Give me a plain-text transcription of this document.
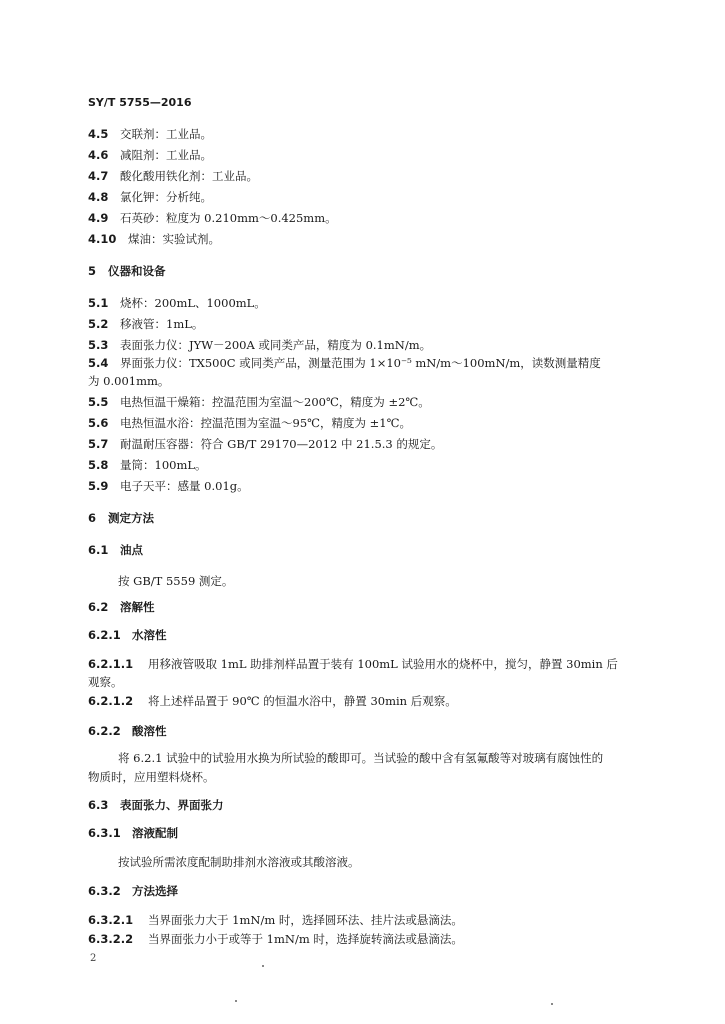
SY/T 5755—2016
4.5 交联剂：工业品。
4.6 减阻剂：工业品。
4.7 酸化酸用铁化剂：工业品。
4.8 氯化钾：分析纯。
4.9 石英砂：粒度为 0.210mm～0.425mm。
4.10 煤油：实验试剂。
5 仪器和设备
5.1 烧杯：200mL、1000mL。
5.2 移液管：1mL。
5.3 表面张力仪：JYW－200A 或同类产品，精度为 0.1mN/m。
5.4 界面张力仪：TX500C 或同类产品，测量范围为 1×10⁻⁵ mN/m～100mN/m，读数测量精度
为 0.001mm。
5.5 电热恒温干燥箱：控温范围为室温～200℃，精度为 ±2℃。
5.6 电热恒温水浴：控温范围为室温～95℃，精度为 ±1℃。
5.7 耐温耐压容器：符合 GB/T 29170—2012 中 21.5.3 的规定。
5.8 量筒：100mL。
5.9 电子天平：感量 0.01g。
6 测定方法
6.1 油点
按 GB/T 5559 测定。
6.2 溶解性
6.2.1 水溶性
6.2.1.1 用移液管吸取 1mL 助排剂样品置于装有 100mL 试验用水的烧杯中，搅匀，静置 30min 后
观察。
6.2.1.2 将上述样品置于 90℃ 的恒温水浴中，静置 30min 后观察。
6.2.2 酸溶性
将 6.2.1 试验中的试验用水换为所试验的酸即可。当试验的酸中含有氢氟酸等对玻璃有腐蚀性的
物质时，应用塑料烧杯。
6.3 表面张力、界面张力
6.3.1 溶液配制
按试验所需浓度配制助排剂水溶液或其酸溶液。
6.3.2 方法选择
6.3.2.1 当界面张力大于 1mN/m 时，选择圆环法、挂片法或悬滴法。
6.3.2.2 当界面张力小于或等于 1mN/m 时，选择旋转滴法或悬滴法。
2
